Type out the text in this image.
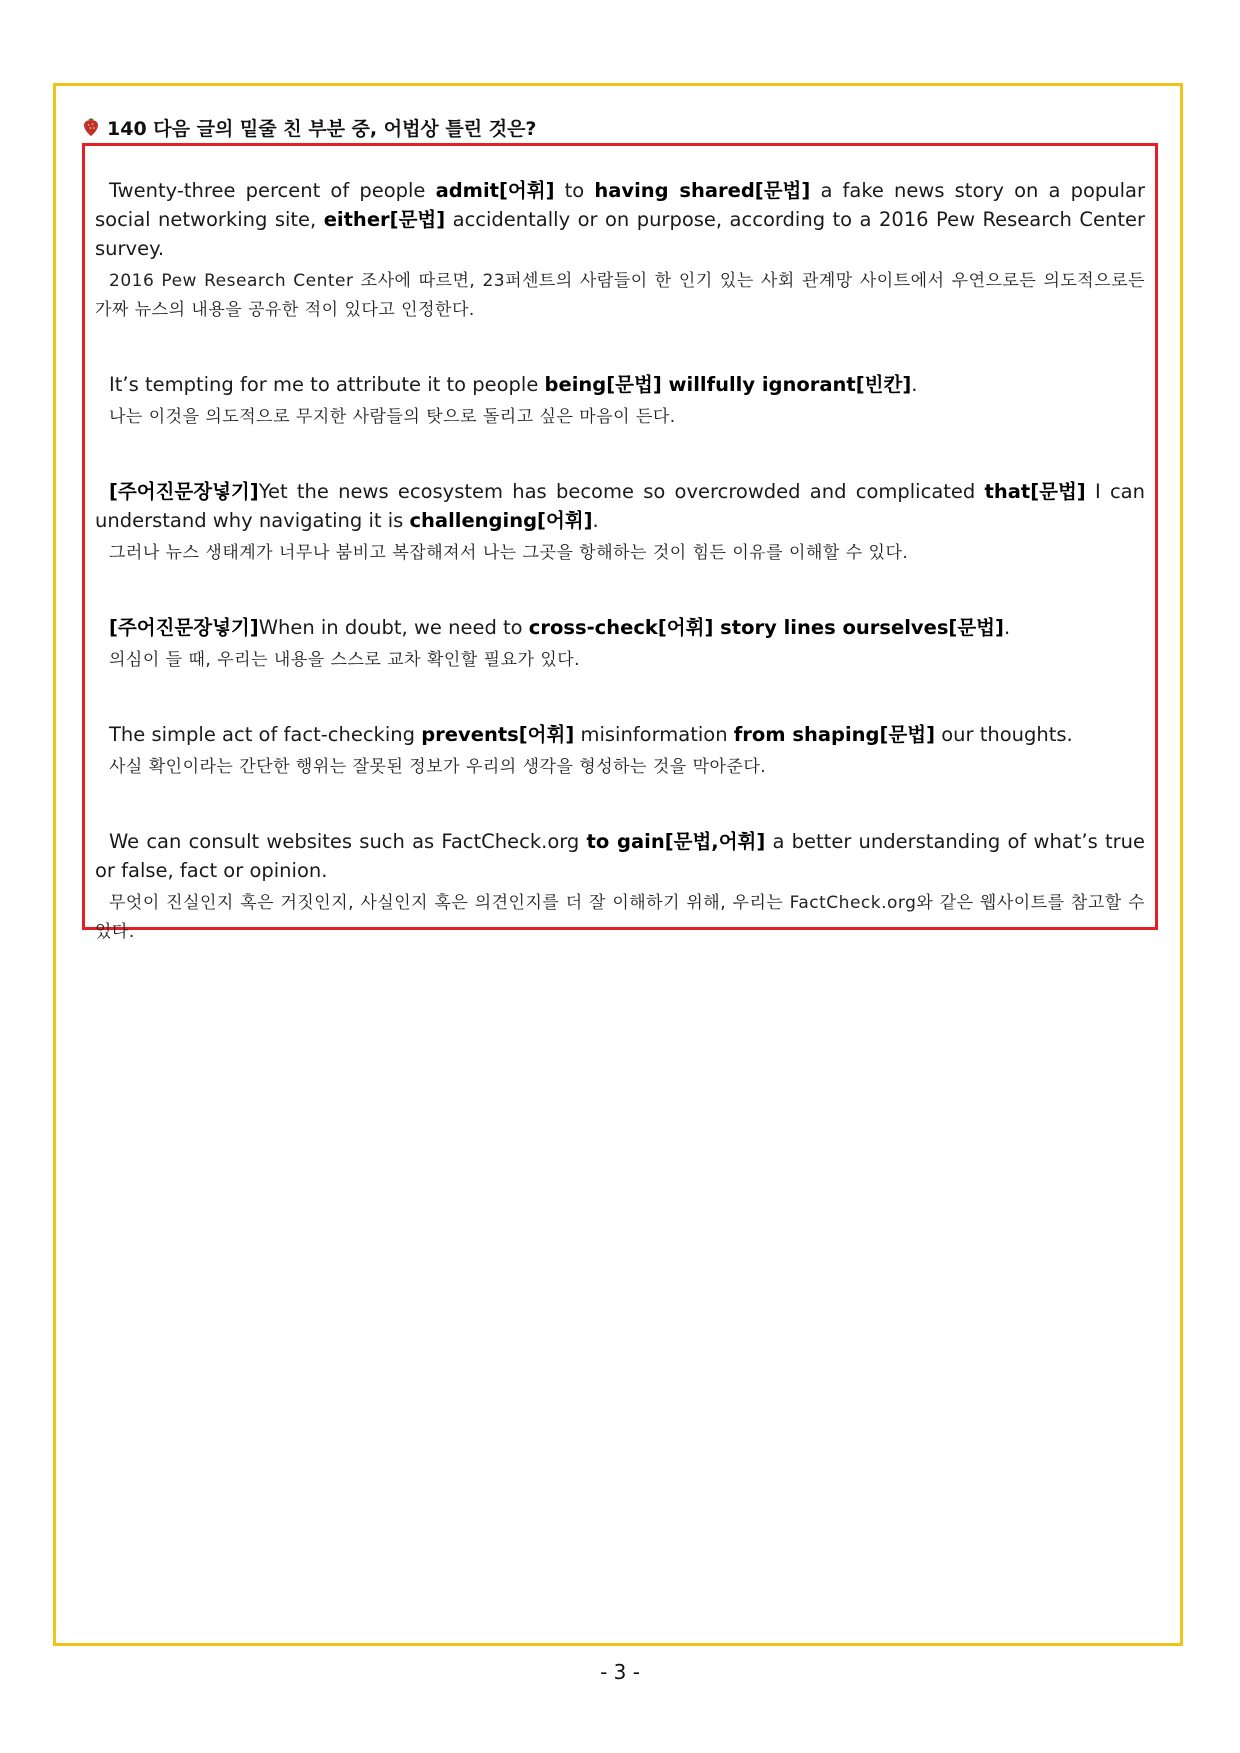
140 다음 글의 밑줄 친 부분 중, 어법상 틀린 것은?

Twenty-three percent of people admit[어휘] to having shared[문법] a fake news story on a popular social networking site, either[문법] accidentally or on purpose, according to a 2016 Pew Research Center survey.

2016 Pew Research Center 조사에 따르면, 23퍼센트의 사람들이 한 인기 있는 사회 관계망 사이트에서 우연으로든 의도적으로든 가짜 뉴스의 내용을 공유한 적이 있다고 인정한다.

It’s tempting for me to attribute it to people being[문법] willfully ignorant[빈칸].

나는 이것을 의도적으로 무지한 사람들의 탓으로 돌리고 싶은 마음이 든다.

[주어진문장넣기]Yet the news ecosystem has become so overcrowded and complicated that[문법] I can understand why navigating it is challenging[어휘].

그러나 뉴스 생태계가 너무나 붐비고 복잡해져서 나는 그곳을 항해하는 것이 힘든 이유를 이해할 수 있다.

[주어진문장넣기]When in doubt, we need to cross-check[어휘] story lines ourselves[문법].

의심이 들 때, 우리는 내용을 스스로 교차 확인할 필요가 있다.

The simple act of fact-checking prevents[어휘] misinformation from shaping[문법] our thoughts.

사실 확인이라는 간단한 행위는 잘못된 정보가 우리의 생각을 형성하는 것을 막아준다.

We can consult websites such as FactCheck.org to gain[문법,어휘] a better understanding of what’s true or false, fact or opinion.

무엇이 진실인지 혹은 거짓인지, 사실인지 혹은 의견인지를 더 잘 이해하기 위해, 우리는 FactCheck.org와 같은 웹사이트를 참고할 수 있다.

- 3 -
